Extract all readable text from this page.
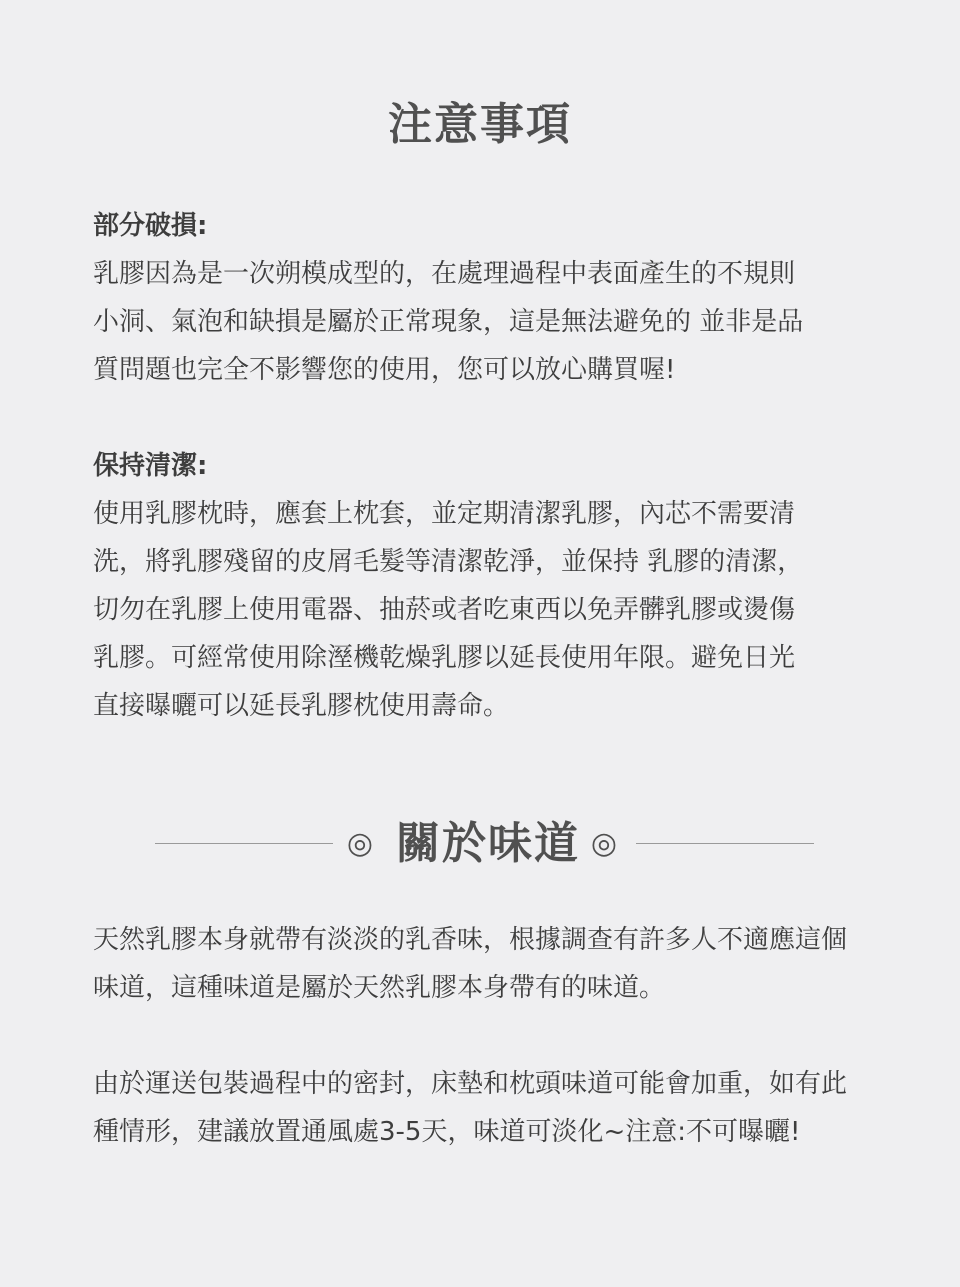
注意事項
部分破損:
乳膠因為是一次朔模成型的，在處理過程中表面產生的不規則
小洞、氣泡和缺損是屬於正常現象，這是無法避免的 並非是品
質問題也完全不影響您的使用，您可以放心購買喔!
保持清潔:
使用乳膠枕時，應套上枕套，並定期清潔乳膠，內芯不需要清
洗，將乳膠殘留的皮屑毛髮等清潔乾淨，並保持 乳膠的清潔，
切勿在乳膠上使用電器、抽菸或者吃東西以免弄髒乳膠或燙傷
乳膠。可經常使用除溼機乾燥乳膠以延長使用年限。避免日光
直接曝曬可以延長乳膠枕使用壽命。
◎ 關於味道 ◎
天然乳膠本身就帶有淡淡的乳香味，根據調查有許多人不適應這個
味道，這種味道是屬於天然乳膠本身帶有的味道。
由於運送包裝過程中的密封，床墊和枕頭味道可能會加重，如有此
種情形，建議放置通風處3-5天，味道可淡化~注意:不可曝曬!
